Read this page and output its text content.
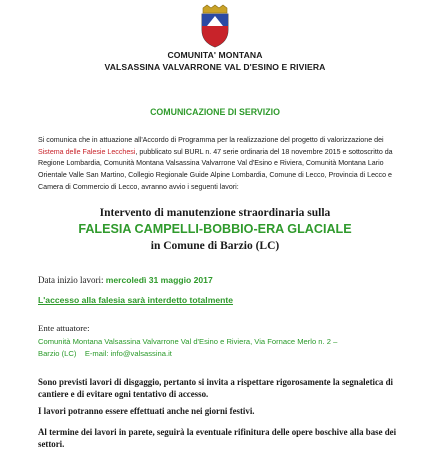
COMUNITA' MONTANA
VALSASSINA VALVARRONE VAL D'ESINO E RIVIERA
COMUNICAZIONE DI SERVIZIO
Si comunica che in attuazione all'Accordo di Programma per la realizzazione del progetto di valorizzazione dei Sistema delle Falesie Lecchesi, pubblicato sul BURL n. 47 serie ordinaria del 18 novembre 2015 e sottoscritto da Regione Lombardia, Comunità Montana Valsassina Valvarrone Val d'Esino e Riviera, Comunità Montana Lario Orientale Valle San Martino, Collegio Regionale Guide Alpine Lombardia, Comune di Lecco, Provincia di Lecco e Camera di Commercio di Lecco, avranno avvio i seguenti lavori:
Intervento di manutenzione straordinaria sulla
FALESIA CAMPELLI-BOBBIO-ERA GLACIALE
in Comune di Barzio (LC)
Data inizio lavori: mercoledì 31 maggio 2017
L'accesso alla falesia sarà interdetto totalmente
Ente attuatore:
Comunità Montana Valsassina Valvarrone Val d'Esino e Riviera, Via Fornace Merlo n. 2 –
Barzio (LC)    E-mail: info@valsassina.it
Sono previsti lavori di disgaggio, pertanto si invita a rispettare rigorosamente la segnaletica di cantiere e di evitare ogni tentativo di accesso.
I lavori potranno essere effettuati anche nei giorni festivi.
Al termine dei lavori in parete, seguirà la eventuale rifinitura delle opere boschive alla base dei settori.
